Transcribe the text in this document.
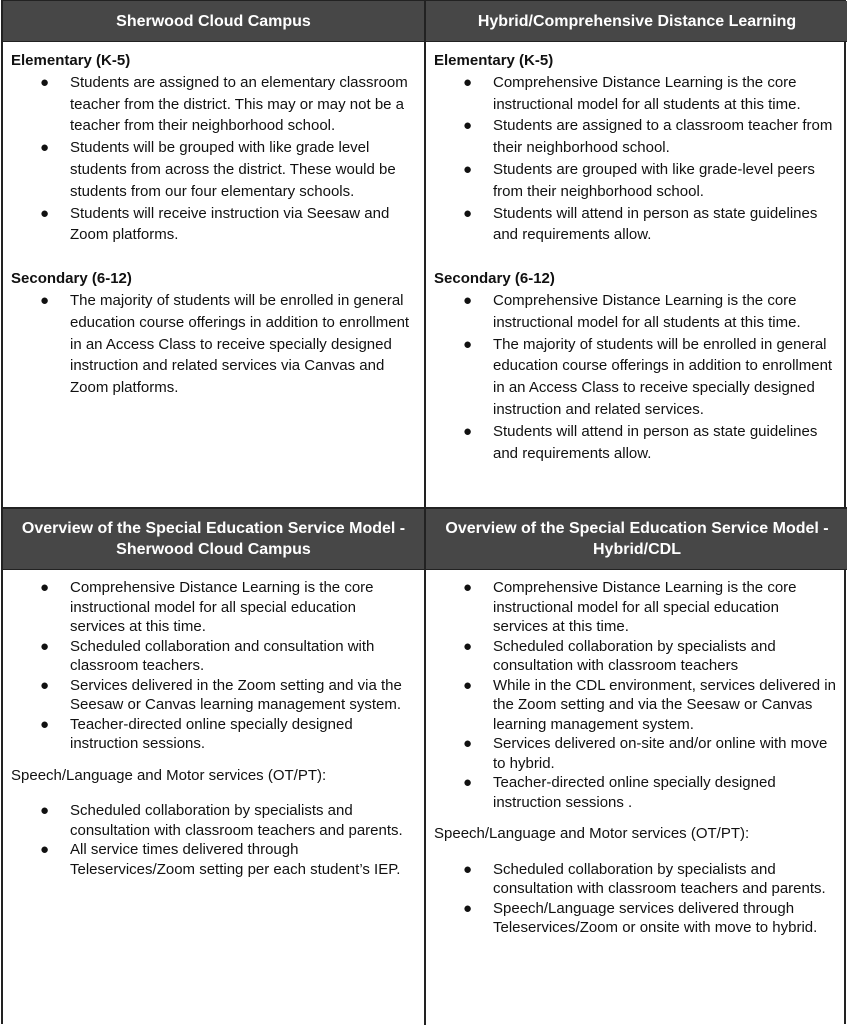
Sherwood Cloud Campus	Hybrid/Comprehensive Distance Learning

Elementary (K-5)

● Students are assigned to an elementary classroom teacher from the district. This may or may not be a teacher from their neighborhood school.
● Students will be grouped with like grade level students from across the district. These would be students from our four elementary schools.
● Students will receive instruction via Seesaw and Zoom platforms.

Secondary (6-12)

● The majority of students will be enrolled in general education course offerings in addition to enrollment in an Access Class to receive specially designed instruction and related services via Canvas and Zoom platforms.

Elementary (K-5)

● Comprehensive Distance Learning is the core instructional model for all students at this time.
● Students are assigned to a classroom teacher from their neighborhood school.
● Students are grouped with like grade-level peers from their neighborhood school.
● Students will attend in person as state guidelines and requirements allow.

Secondary (6-12)

● Comprehensive Distance Learning is the core instructional model for all students at this time.
● The majority of students will be enrolled in general education course offerings in addition to enrollment in an Access Class to receive specially designed instruction and related services.
● Students will attend in person as state guidelines and requirements allow.
Overview of the Special Education Service Model - Sherwood Cloud Campus
Overview of the Special Education Service Model - Hybrid/CDL
● Comprehensive Distance Learning is the core instructional model for all special education services at this time.
● Scheduled collaboration and consultation with classroom teachers.
● Services delivered in the Zoom setting and via the Seesaw or Canvas learning management system.
● Teacher-directed online specially designed instruction sessions.

Speech/Language and Motor services (OT/PT):

● Scheduled collaboration by specialists and consultation with classroom teachers and parents.
● All service times delivered through Teleservices/Zoom setting per each student’s IEP.
● Comprehensive Distance Learning is the core instructional model for all special education services at this time.
● Scheduled collaboration by specialists and consultation with classroom teachers
● While in the CDL environment, services delivered in the Zoom setting and via the Seesaw or Canvas learning management system.
● Services delivered on-site and/or online with move to hybrid.
● Teacher-directed online specially designed instruction sessions .

Speech/Language and Motor services (OT/PT):

● Scheduled collaboration by specialists and consultation with classroom teachers and parents.
● Speech/Language services delivered through Teleservices/Zoom or onsite with move to hybrid.
